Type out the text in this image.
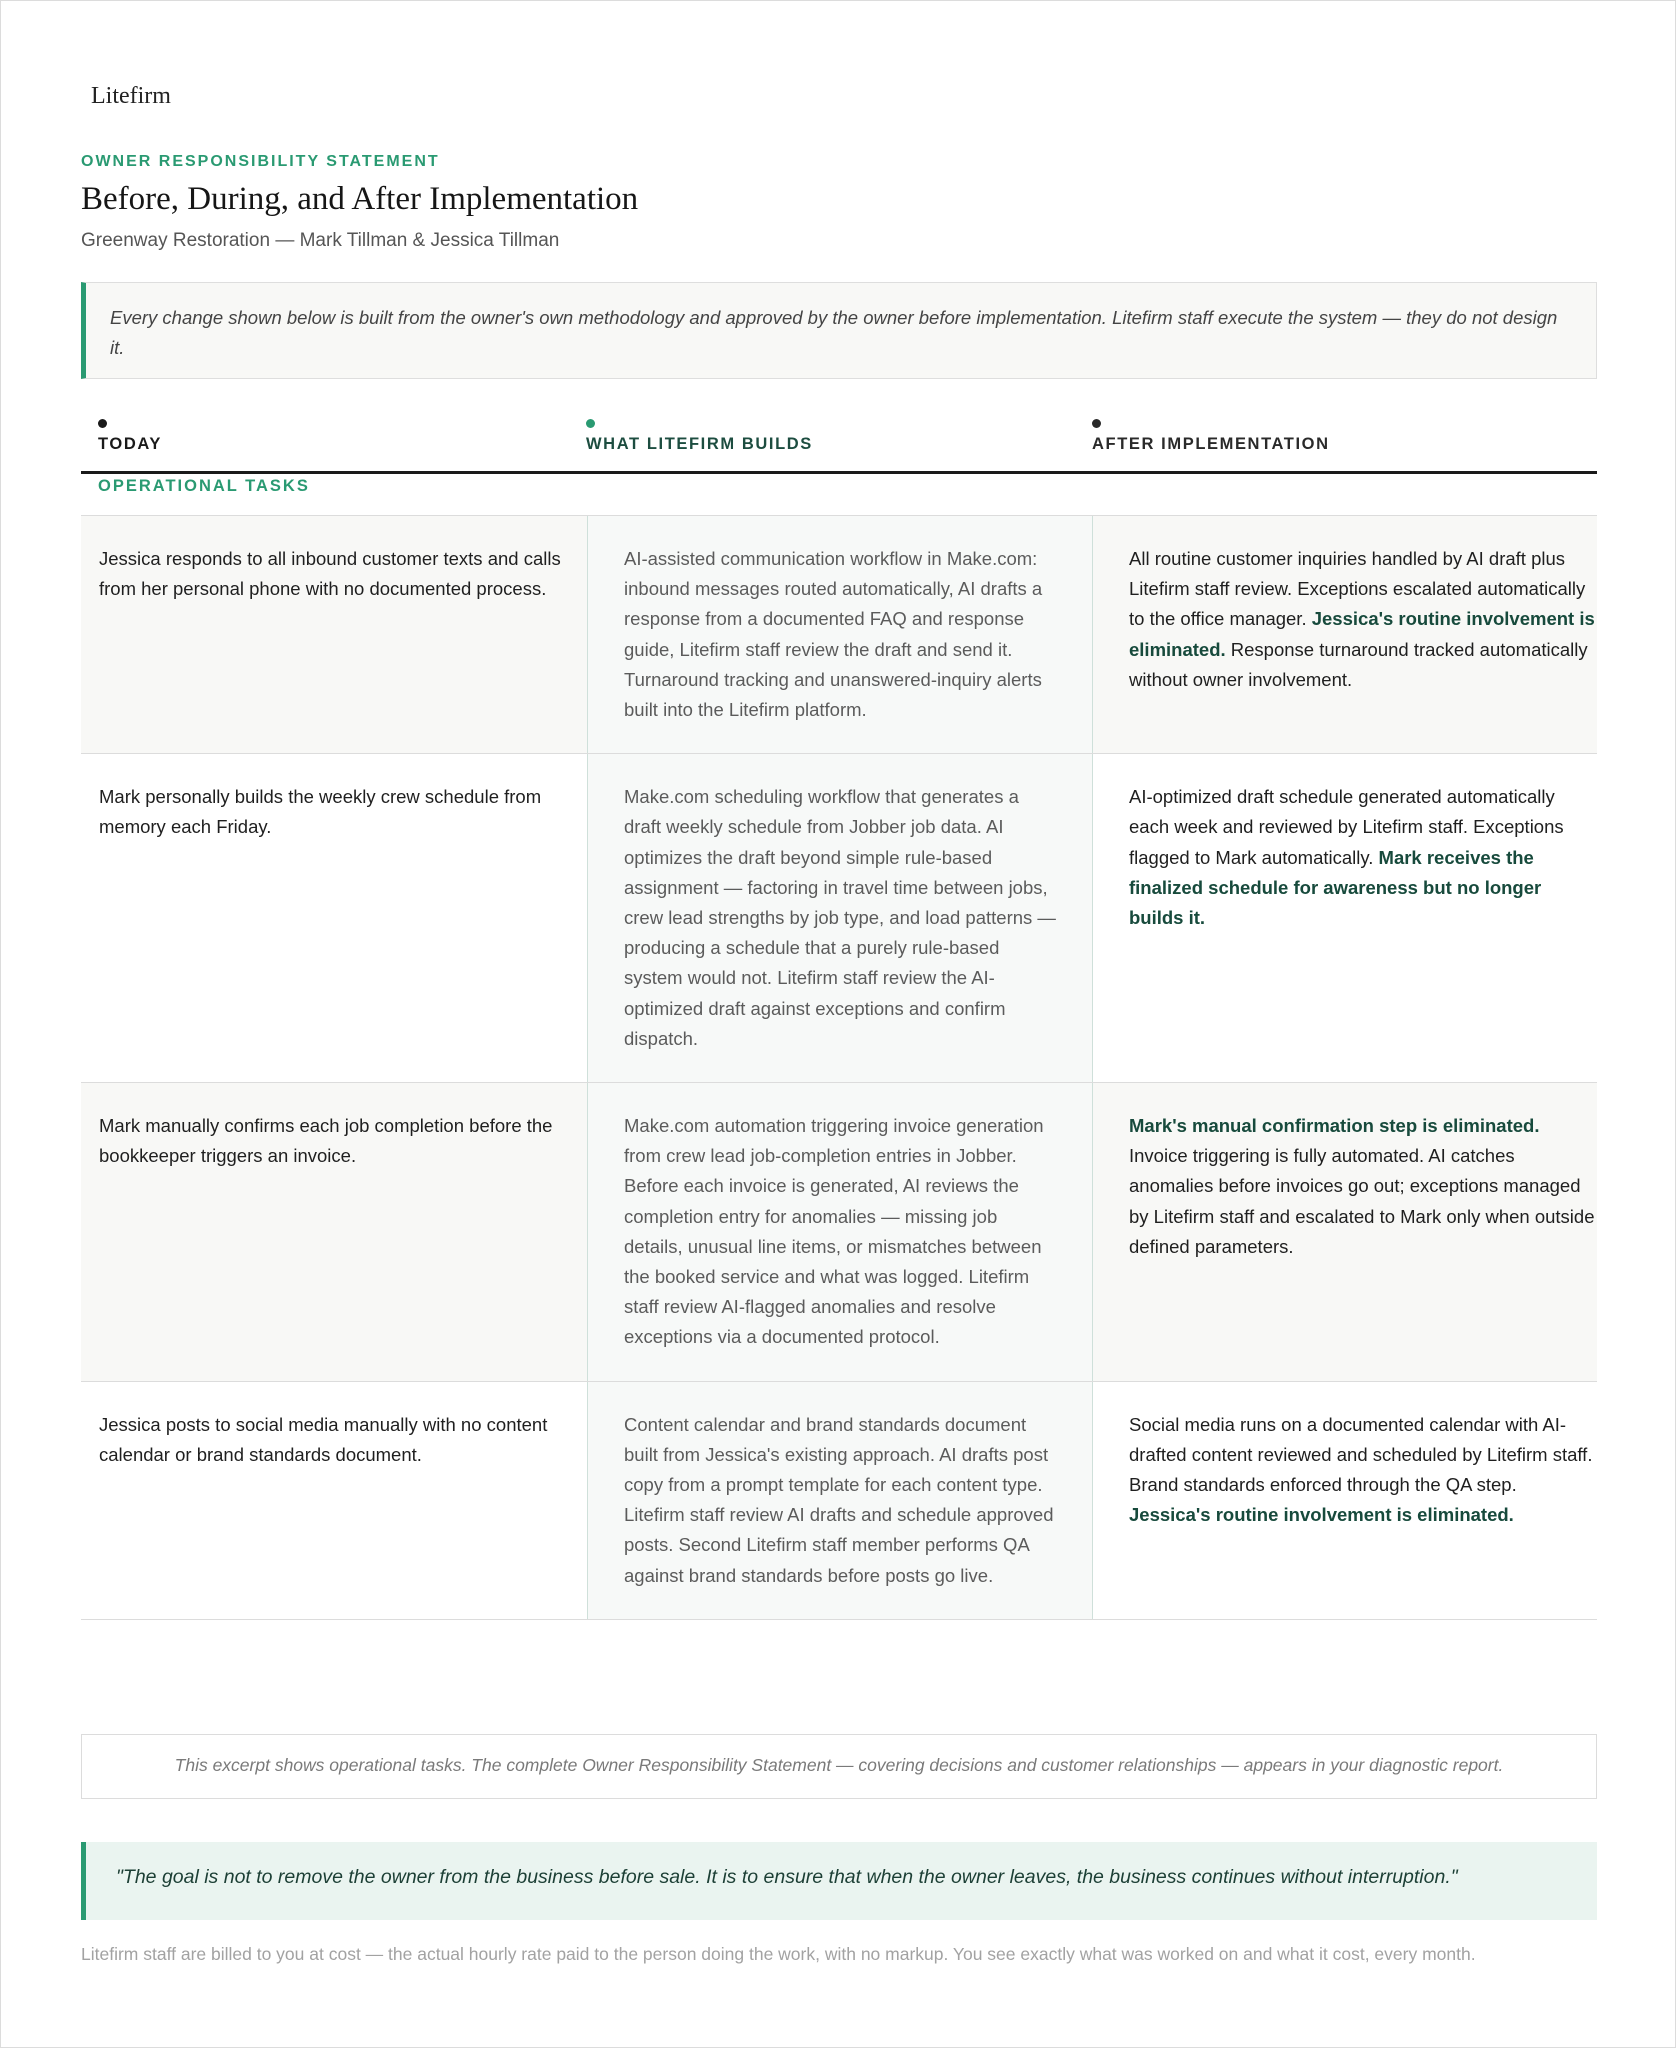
Litefirm
OWNER RESPONSIBILITY STATEMENT
Before, During, and After Implementation
Greenway Restoration — Mark Tillman & Jessica Tillman
Every change shown below is built from the owner's own methodology and approved by the owner before implementation. Litefirm staff execute the system — they do not design it.
TODAY	WHAT LITEFIRM BUILDS	AFTER IMPLEMENTATION
OPERATIONAL TASKS
Jessica responds to all inbound customer texts and calls from her personal phone with no documented process.
AI-assisted communication workflow in Make.com: inbound messages routed automatically, AI drafts a response from a documented FAQ and response guide, Litefirm staff review the draft and send it. Turnaround tracking and unanswered-inquiry alerts built into the Litefirm platform.
All routine customer inquiries handled by AI draft plus Litefirm staff review. Exceptions escalated automatically to the office manager. Jessica's routine involvement is eliminated. Response turnaround tracked automatically without owner involvement.
Mark personally builds the weekly crew schedule from memory each Friday.
Make.com scheduling workflow that generates a draft weekly schedule from Jobber job data. AI optimizes the draft beyond simple rule-based assignment — factoring in travel time between jobs, crew lead strengths by job type, and load patterns — producing a schedule that a purely rule-based system would not. Litefirm staff review the AI-optimized draft against exceptions and confirm dispatch.
AI-optimized draft schedule generated automatically each week and reviewed by Litefirm staff. Exceptions flagged to Mark automatically. Mark receives the finalized schedule for awareness but no longer builds it.
Mark manually confirms each job completion before the bookkeeper triggers an invoice.
Make.com automation triggering invoice generation from crew lead job-completion entries in Jobber. Before each invoice is generated, AI reviews the completion entry for anomalies — missing job details, unusual line items, or mismatches between the booked service and what was logged. Litefirm staff review AI-flagged anomalies and resolve exceptions via a documented protocol.
Mark's manual confirmation step is eliminated. Invoice triggering is fully automated. AI catches anomalies before invoices go out; exceptions managed by Litefirm staff and escalated to Mark only when outside defined parameters.
Jessica posts to social media manually with no content calendar or brand standards document.
Content calendar and brand standards document built from Jessica's existing approach. AI drafts post copy from a prompt template for each content type. Litefirm staff review AI drafts and schedule approved posts. Second Litefirm staff member performs QA against brand standards before posts go live.
Social media runs on a documented calendar with AI-drafted content reviewed and scheduled by Litefirm staff. Brand standards enforced through the QA step. Jessica's routine involvement is eliminated.
This excerpt shows operational tasks. The complete Owner Responsibility Statement — covering decisions and customer relationships — appears in your diagnostic report.
"The goal is not to remove the owner from the business before sale. It is to ensure that when the owner leaves, the business continues without interruption."
Litefirm staff are billed to you at cost — the actual hourly rate paid to the person doing the work, with no markup. You see exactly what was worked on and what it cost, every month.
